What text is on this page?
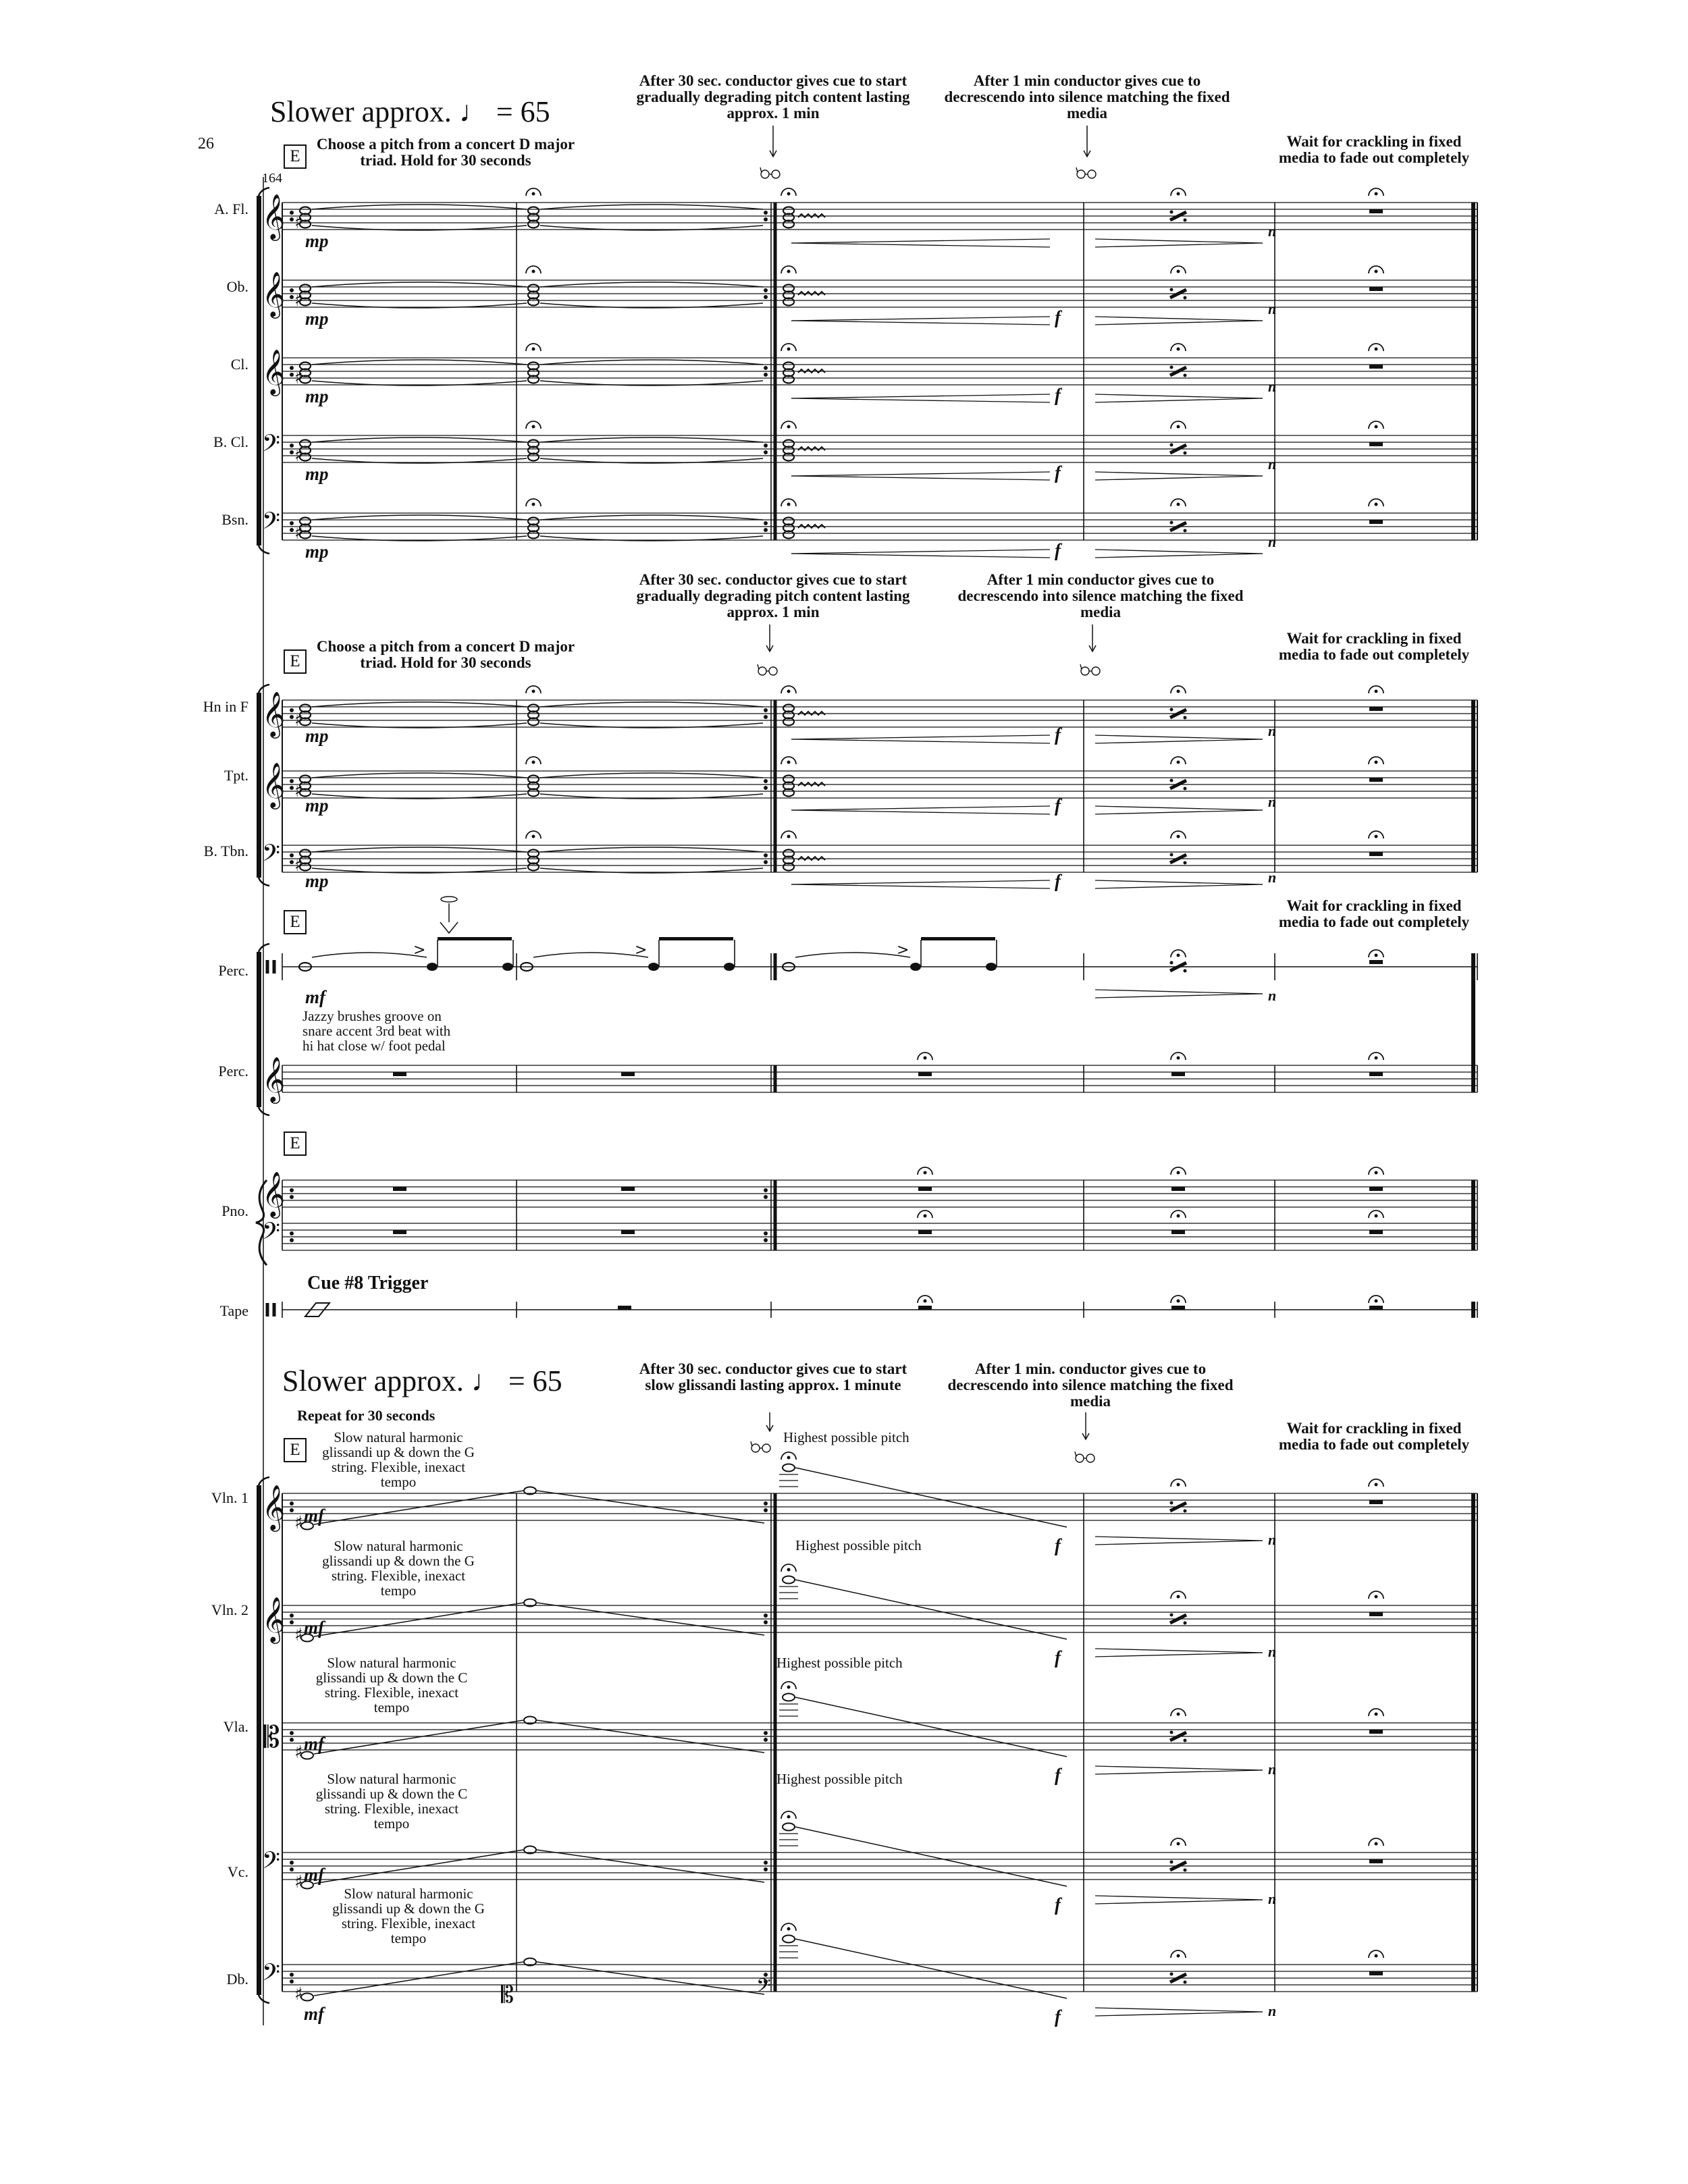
𝄞 ♯
𝄞 ♯
𝄞 ♯
𝄢 ♯
𝄢 ♯
𝄞 ♯
𝄞 ♯
𝄢 ♯
𝄞
>	>	>
𝄞
𝄢
𝄞 ♯
𝄞 ♯
𝄡 ♯
𝄢
♯
𝄢
♯	𝄡	𝄢
26
Slower approx. ♩ = 65
After 30 sec. conductor gives cue to start gradually degrading pitch content lasting approx. 1 min
After 1 min conductor gives cue to decrescendo into silence matching the fixed media
Wait for crackling in fixed media to fade out completely
E
Choose a pitch from a concert D major triad. Hold for 30 seconds
164
A. Fl.
Ob.
Cl.
B. Cl.
Bsn.
mp
mp
mp
mp
mp
f
f
f
f
n
n
n
n
n
After 30 sec. conductor gives cue to start gradually degrading pitch content lasting approx. 1 min
After 1 min conductor gives cue to decrescendo into silence matching the fixed media
Wait for crackling in fixed media to fade out completely
E
Choose a pitch from a concert D major triad. Hold for 30 seconds
Hn in F
Tpt.
B. Tbn.
mp
mp
mp
f
f
f
n
n
n
E
Wait for crackling in fixed media to fade out completely
Perc.
Perc.
mf	n
Jazzy brushes groove on snare accent 3rd beat with hi hat close w/ foot pedal
E
Pno.
Cue #8 Trigger
Tape
Slower approx. ♩ = 65	After 30 sec. conductor gives cue to start slow glissandi lasting approx. 1 minute
After 1 min. conductor gives cue to decrescendo into silence matching the fixed media
Wait for crackling in fixed media to fade out completely
Repeat for 30 seconds
E
Slow natural harmonic glissandi up & down the G string. Flexible, inexact tempo
Slow natural harmonic glissandi up & down the G string. Flexible, inexact tempo
Slow natural harmonic glissandi up & down the C string. Flexible, inexact tempo
Slow natural harmonic glissandi up & down the C string. Flexible, inexact tempo
Slow natural harmonic glissandi up & down the G string. Flexible, inexact tempo
Highest possible pitch
Highest possible pitch
Highest possible pitch
Highest possible pitch
Vln. 1
Vln. 2
Vla.
Vc.
Db.
mf
mf
mf
mf
mf
f
f
f
f
f
n
n
n
n
n
